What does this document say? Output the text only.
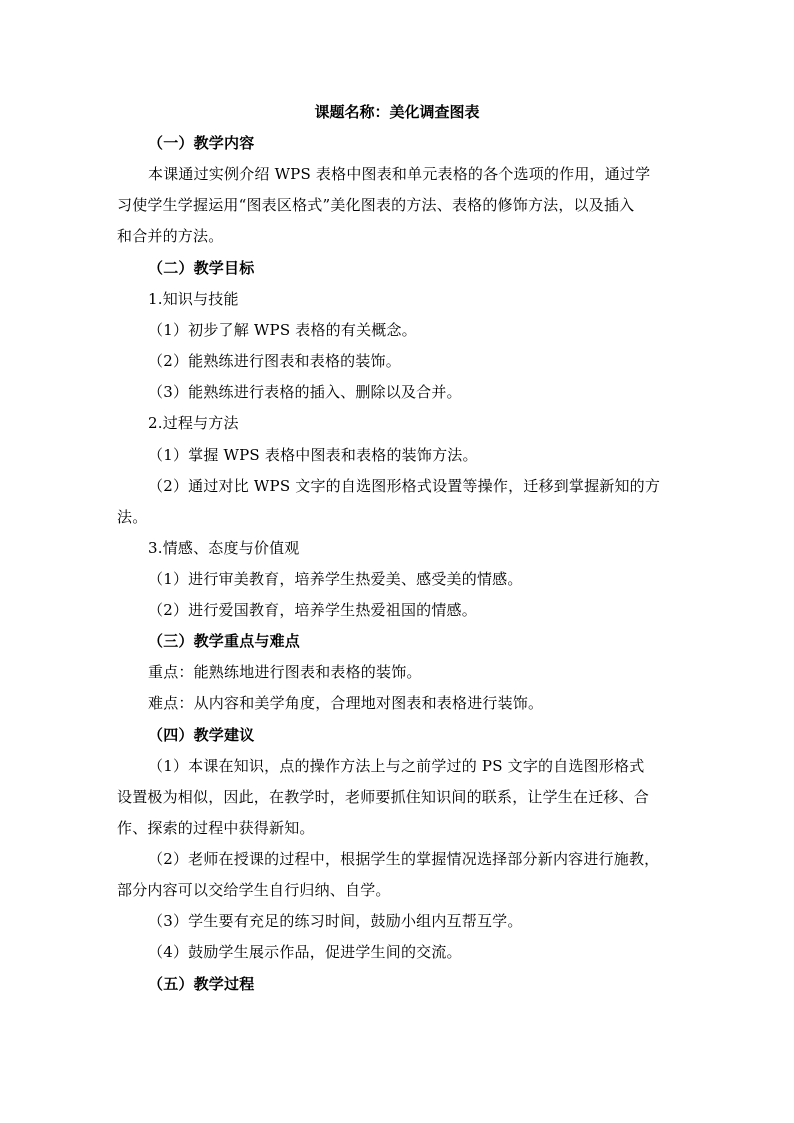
课题名称：美化调查图表
（一）教学内容
本课通过实例介绍 WPS 表格中图表和单元表格的各个选项的作用，通过学
习使学生学握运用“图表区格式”美化图表的方法、表格的修饰方法，以及插入
和合并的方法。
（二）教学目标
1.知识与技能
（1）初步了解 WPS 表格的有关概念。
（2）能熟练进行图表和表格的装饰。
（3）能熟练进行表格的插入、删除以及合并。
2.过程与方法
（1）掌握 WPS 表格中图表和表格的装饰方法。
（2）通过对比 WPS 文字的自选图形格式设置等操作，迁移到掌握新知的方
法。
3.情感、态度与价值观
（1）进行审美教育，培养学生热爱美、感受美的情感。
（2）进行爱国教育，培养学生热爱祖国的情感。
（三）教学重点与难点
重点：能熟练地进行图表和表格的装饰。
难点：从内容和美学角度，合理地对图表和表格进行装饰。
（四）教学建议
（1）本课在知识，点的操作方法上与之前学过的 PS 文字的自选图形格式
设置极为相似，因此，在教学时，老师要抓住知识间的联系，让学生在迁移、合
作、探索的过程中获得新知。
（2）老师在授课的过程中，根据学生的掌握情况选择部分新内容进行施教，
部分内容可以交给学生自行归纳、自学。
（3）学生要有充足的练习时间，鼓励小组内互帮互学。
（4）鼓励学生展示作品，促进学生间的交流。
（五）教学过程
